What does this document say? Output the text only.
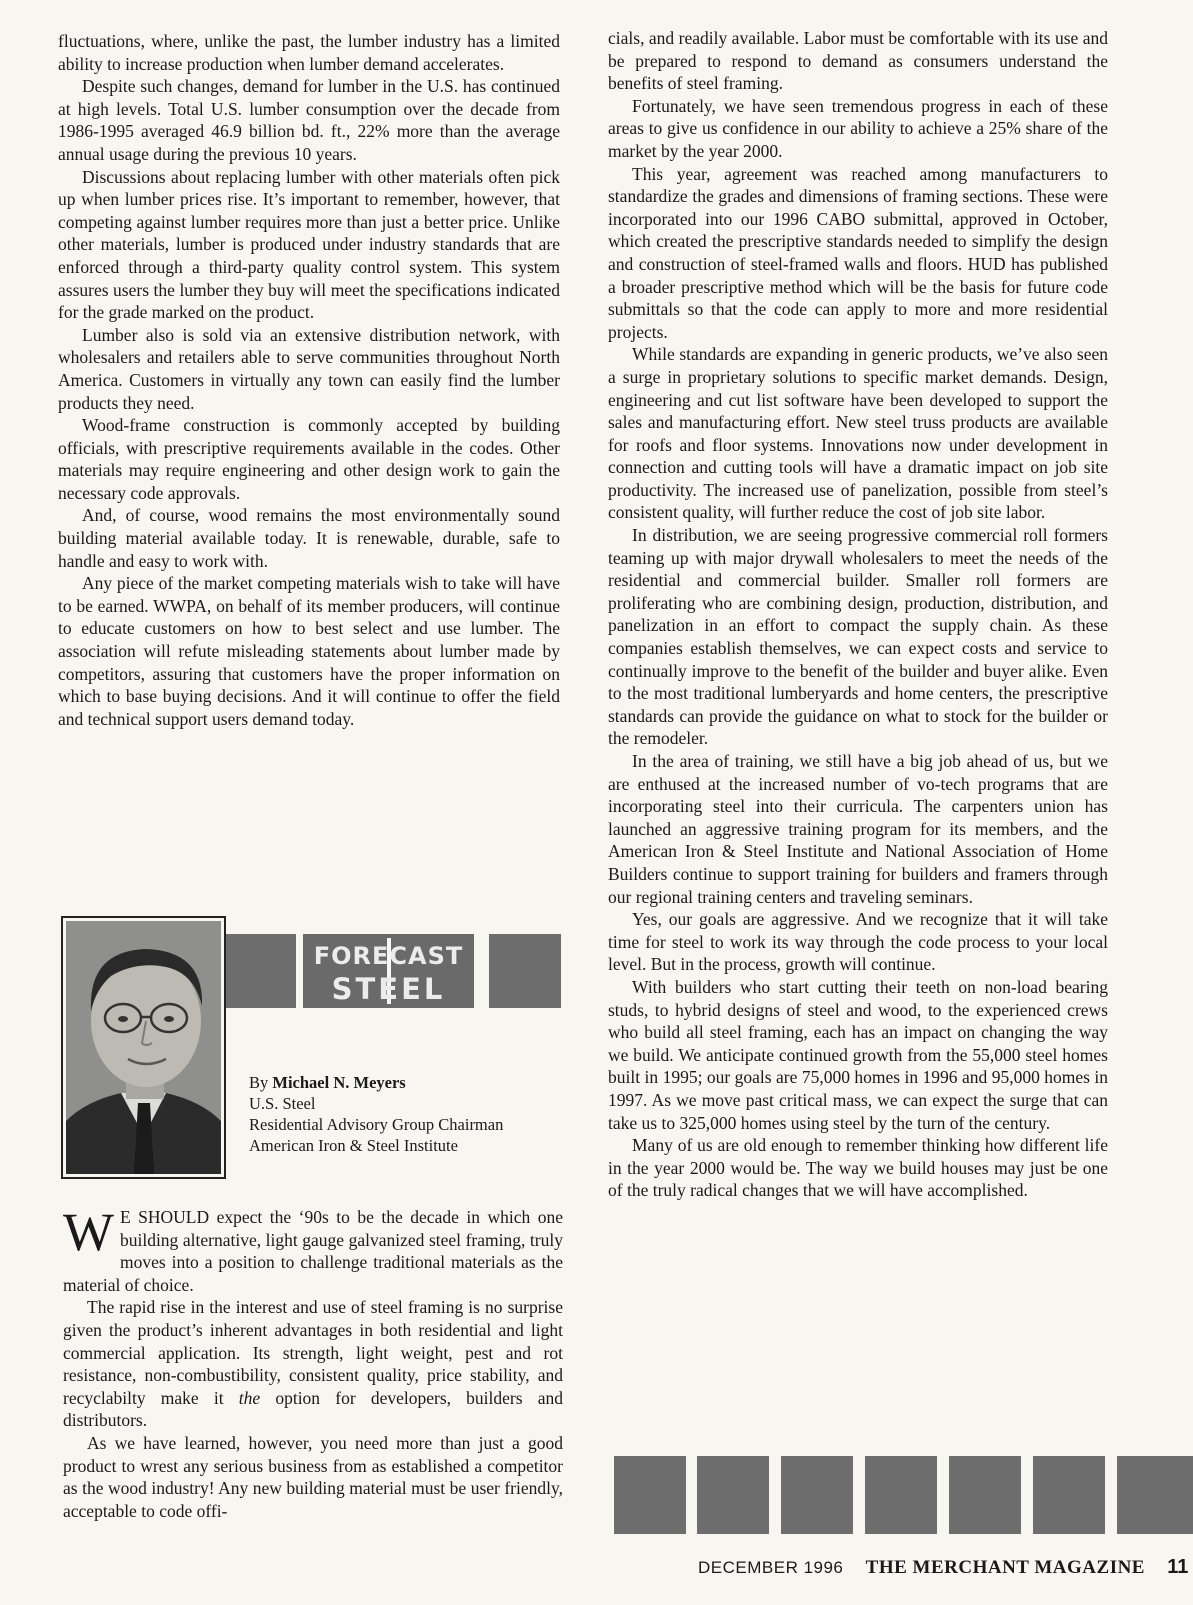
fluctuations, where, unlike the past, the lumber industry has a limited ability to increase production when lumber demand accelerates.

Despite such changes, demand for lumber in the U.S. has continued at high levels. Total U.S. lumber consumption over the decade from 1986-1995 averaged 46.9 billion bd. ft., 22% more than the average annual usage during the previous 10 years.

Discussions about replacing lumber with other materials often pick up when lumber prices rise. It’s important to remember, however, that competing against lumber requires more than just a better price. Unlike other materials, lumber is produced under industry standards that are enforced through a third-party quality control system. This system assures users the lumber they buy will meet the specifications indicated for the grade marked on the product.

Lumber also is sold via an extensive distribution network, with wholesalers and retailers able to serve communities throughout North America. Customers in virtually any town can easily find the lumber products they need.

Wood-frame construction is commonly accepted by building officials, with prescriptive requirements available in the codes. Other materials may require engineering and other design work to gain the necessary code approvals.

And, of course, wood remains the most environmentally sound building material available today. It is renewable, durable, safe to handle and easy to work with.

Any piece of the market competing materials wish to take will have to be earned. WWPA, on behalf of its member producers, will continue to educate customers on how to best select and use lumber. The association will refute misleading statements about lumber made by competitors, assuring that customers have the proper information on which to base buying decisions. And it will continue to offer the field and technical support users demand today.

FORECAST
STEEL
By Michael N. Meyers
U.S. Steel
Residential Advisory Group Chairman
American Iron & Steel Institute

W E SHOULD expect the ‘90s to be the decade in which one building alternative, light gauge galvanized steel framing, truly moves into a position to challenge traditional materials as the material of choice.

The rapid rise in the interest and use of steel framing is no surprise given the product’s inherent advantages in both residential and light commercial application. Its strength, light weight, pest and rot resistance, non-combustibility, consistent quality, price stability, and recyclabilty make it the option for developers, builders and distributors.

As we have learned, however, you need more than just a good product to wrest any serious business from as established a competitor as the wood industry! Any new building material must be user friendly, acceptable to code offi-

cials, and readily available. Labor must be comfortable with its use and be prepared to respond to demand as consumers understand the benefits of steel framing.

Fortunately, we have seen tremendous progress in each of these areas to give us confidence in our ability to achieve a 25% share of the market by the year 2000.

This year, agreement was reached among manufacturers to standardize the grades and dimensions of framing sections. These were incorporated into our 1996 CABO submittal, approved in October, which created the prescriptive standards needed to simplify the design and construction of steel-framed walls and floors. HUD has published a broader prescriptive method which will be the basis for future code submittals so that the code can apply to more and more residential projects.

While standards are expanding in generic products, we’ve also seen a surge in proprietary solutions to specific market demands. Design, engineering and cut list software have been developed to support the sales and manufacturing effort. New steel truss products are available for roofs and floor systems. Innovations now under development in connection and cutting tools will have a dramatic impact on job site productivity. The increased use of panelization, possible from steel’s consistent quality, will further reduce the cost of job site labor.

In distribution, we are seeing progressive commercial roll formers teaming up with major drywall wholesalers to meet the needs of the residential and commercial builder. Smaller roll formers are proliferating who are combining design, production, distribution, and panelization in an effort to compact the supply chain. As these companies establish themselves, we can expect costs and service to continually improve to the benefit of the builder and buyer alike. Even to the most traditional lumberyards and home centers, the prescriptive standards can provide the guidance on what to stock for the builder or the remodeler.

In the area of training, we still have a big job ahead of us, but we are enthused at the increased number of vo-tech programs that are incorporating steel into their curricula. The carpenters union has launched an aggressive training program for its members, and the American Iron & Steel Institute and National Association of Home Builders continue to support training for builders and framers through our regional training centers and traveling seminars.

Yes, our goals are aggressive. And we recognize that it will take time for steel to work its way through the code process to your local level. But in the process, growth will continue.

With builders who start cutting their teeth on non-load bearing studs, to hybrid designs of steel and wood, to the experienced crews who build all steel framing, each has an impact on changing the way we build. We anticipate continued growth from the 55,000 steel homes built in 1995; our goals are 75,000 homes in 1996 and 95,000 homes in 1997. As we move past critical mass, we can expect the surge that can take us to 325,000 homes using steel by the turn of the century.

Many of us are old enough to remember thinking how different life in the year 2000 would be. The way we build houses may just be one of the truly radical changes that we will have accomplished.

DECEMBER 1996 THE MERCHANT MAGAZINE 11
